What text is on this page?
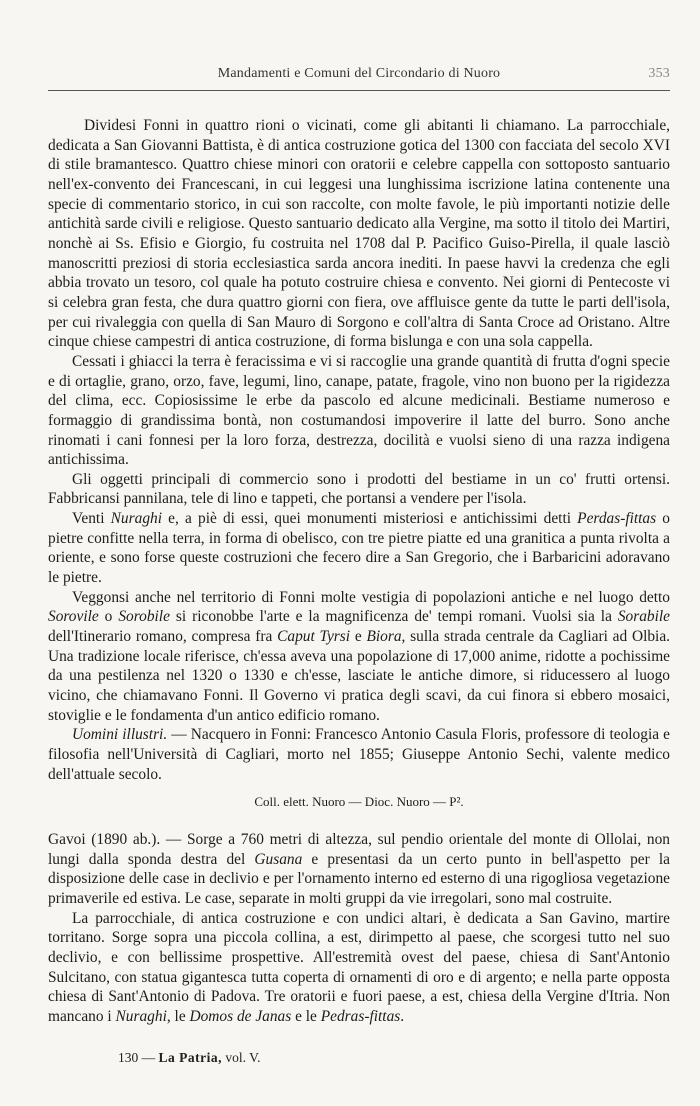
Mandamenti e Comuni del Circondario di Nuoro	353

Dividesi Fonni in quattro rioni o vicinati, come gli abitanti li chiamano. La parrocchiale, dedicata a San Giovanni Battista, è di antica costruzione gotica del 1300 con facciata del secolo XVI di stile bramantesco. Quattro chiese minori con oratorii e celebre cappella con sottoposto santuario nell'ex-convento dei Francescani, in cui leggesi una lunghissima iscrizione latina contenente una specie di commentario storico, in cui son raccolte, con molte favole, le più importanti notizie delle antichità sarde civili e religiose. Questo santuario dedicato alla Vergine, ma sotto il titolo dei Martiri, nonchè ai Ss. Efisio e Giorgio, fu costruita nel 1708 dal P. Pacifico Guiso-Pirella, il quale lasciò manoscritti preziosi di storia ecclesiastica sarda ancora inediti. In paese havvi la credenza che egli abbia trovato un tesoro, col quale ha potuto costruire chiesa e convento. Nei giorni di Pentecoste vi si celebra gran festa, che dura quattro giorni con fiera, ove affluisce gente da tutte le parti dell'isola, per cui rivaleggia con quella di San Mauro di Sorgono e coll'altra di Santa Croce ad Oristano. Altre cinque chiese campestri di antica costruzione, di forma bislunga e con una sola cappella.

Cessati i ghiacci la terra è feracissima e vi si raccoglie una grande quantità di frutta d'ogni specie e di ortaglie, grano, orzo, fave, legumi, lino, canape, patate, fragole, vino non buono per la rigidezza del clima, ecc. Copiosissime le erbe da pascolo ed alcune medicinali. Bestiame numeroso e formaggio di grandissima bontà, non costumandosi impoverire il latte del burro. Sono anche rinomati i cani fonnesi per la loro forza, destrezza, docilità e vuolsi sieno di una razza indigena antichissima.

Gli oggetti principali di commercio sono i prodotti del bestiame in un co' frutti ortensi. Fabbricansi pannilana, tele di lino e tappeti, che portansi a vendere per l'isola.

Venti Nuraghi e, a piè di essi, quei monumenti misteriosi e antichissimi detti Perdas-fittas o pietre confitte nella terra, in forma di obelisco, con tre pietre piatte ed una granitica a punta rivolta a oriente, e sono forse queste costruzioni che fecero dire a San Gregorio, che i Barbaricini adoravano le pietre.

Veggonsi anche nel territorio di Fonni molte vestigia di popolazioni antiche e nel luogo detto Sorovile o Sorobile si riconobbe l'arte e la magnificenza de' tempi romani. Vuolsi sia la Sorabile dell'Itinerario romano, compresa fra Caput Tyrsi e Biora, sulla strada centrale da Cagliari ad Olbia. Una tradizione locale riferisce, ch'essa aveva una popolazione di 17,000 anime, ridotte a pochissime da una pestilenza nel 1320 o 1330 e ch'esse, lasciate le antiche dimore, si riducessero al luogo vicino, che chiamavano Fonni. Il Governo vi pratica degli scavi, da cui finora si ebbero mosaici, stoviglie e le fondamenta d'un antico edificio romano.

Uomini illustri. — Nacquero in Fonni: Francesco Antonio Casula Floris, professore di teologia e filosofia nell'Università di Cagliari, morto nel 1855; Giuseppe Antonio Sechi, valente medico dell'attuale secolo.

Coll. elett. Nuoro — Dioc. Nuoro — P².

Gavoi (1890 ab.). — Sorge a 760 metri di altezza, sul pendio orientale del monte di Ollolai, non lungi dalla sponda destra del Gusana e presentasi da un certo punto in bell'aspetto per la disposizione delle case in declivio e per l'ornamento interno ed esterno di una rigogliosa vegetazione primaverile ed estiva. Le case, separate in molti gruppi da vie irregolari, sono mal costruite.

La parrocchiale, di antica costruzione e con undici altari, è dedicata a San Gavino, martire torritano. Sorge sopra una piccola collina, a est, dirimpetto al paese, che scorgesi tutto nel suo declivio, e con bellissime prospettive. All'estremità ovest del paese, chiesa di Sant'Antonio Sulcitano, con statua gigantesca tutta coperta di ornamenti di oro e di argento; e nella parte opposta chiesa di Sant'Antonio di Padova. Tre oratorii e fuori paese, a est, chiesa della Vergine d'Itria. Non mancano i Nuraghi, le Domos de Janas e le Pedras-fittas.

130 — La Patria, vol. V.
